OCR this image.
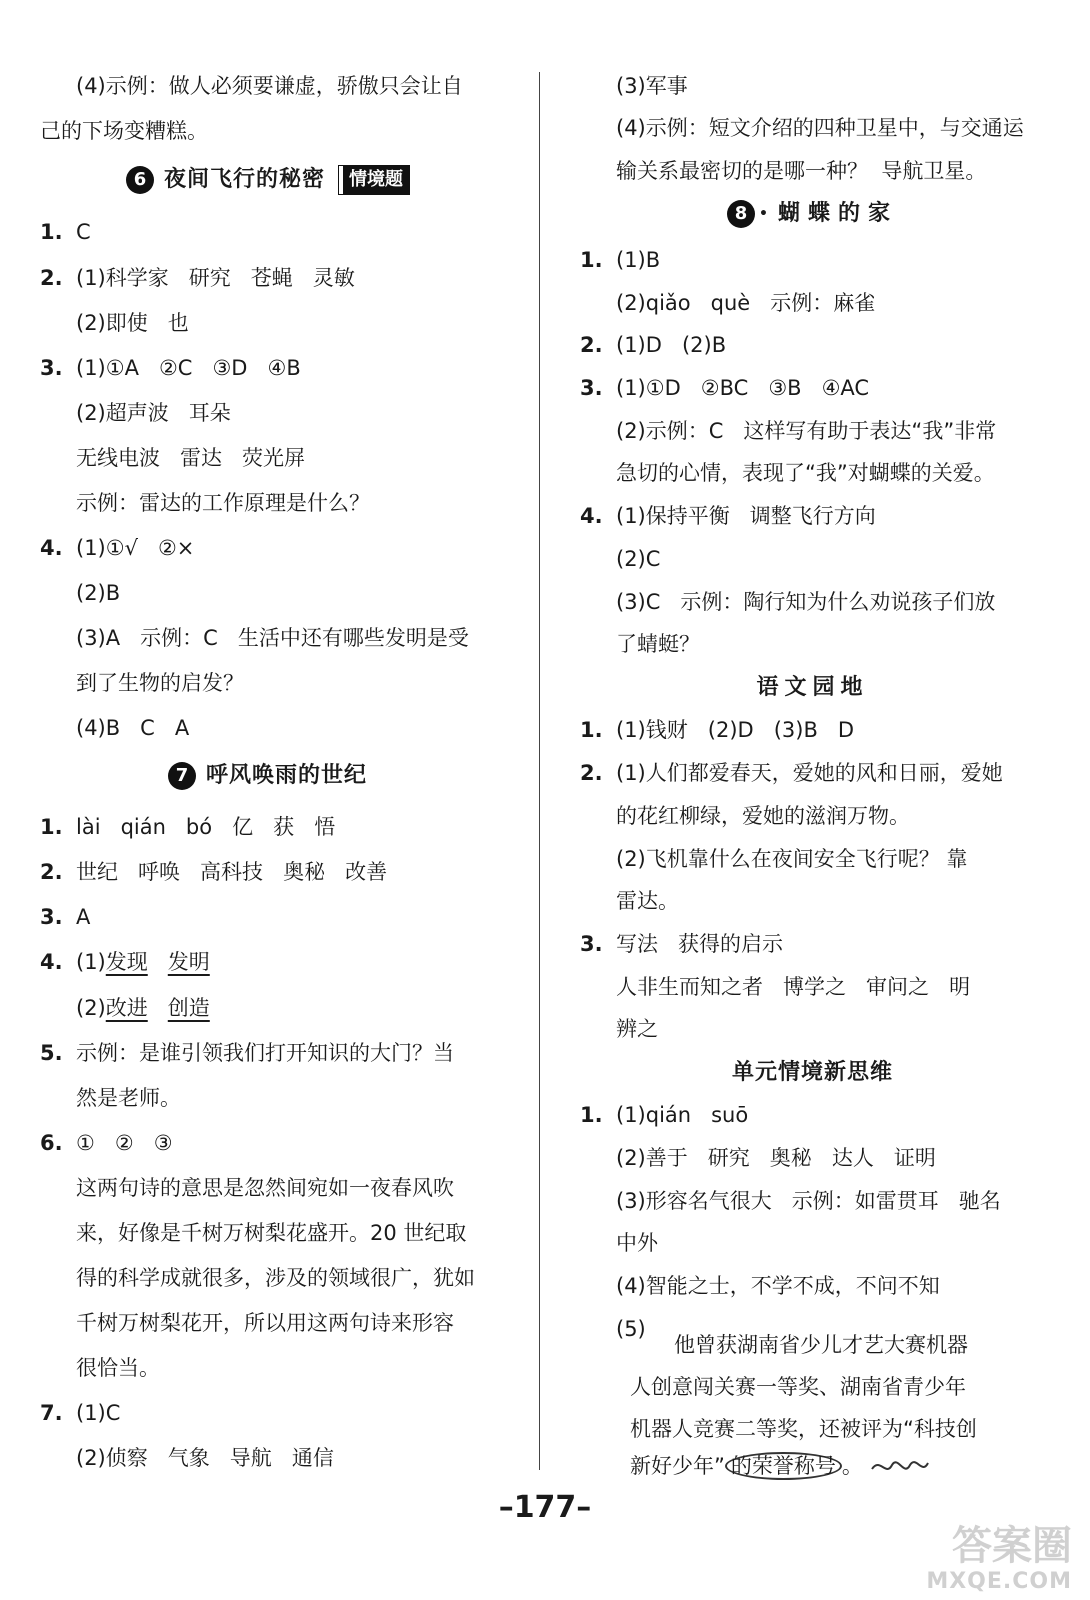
(4)示例：做人必须要谦虚，骄傲只会让自
己的下场变糟糕。
6 夜间飞行的秘密 情境题
1. C
2. (1)科学家   研究   苍蝇   灵敏
(2)即使   也
3. (1)①A   ②C   ③D   ④B
(2)超声波   耳朵
无线电波   雷达   荧光屏
示例：雷达的工作原理是什么？
4. (1)①√   ②×
(2)B
(3)A   示例：C   生活中还有哪些发明是受
到了生物的启发？
(4)B   C   A
7 呼风唤雨的世纪
1. lài   qián   bó   亿   获   悟
2. 世纪   呼唤   高科技   奥秘   改善
3. A
4. (1)发现 发明
(2)改进 创造
5. 示例：是谁引领我们打开知识的大门？当
然是老师。
6. ①   ②   ③
这两句诗的意思是忽然间宛如一夜春风吹
来，好像是千树万树梨花盛开。20 世纪取
得的科学成就很多，涉及的领域很广，犹如
千树万树梨花开，所以用这两句诗来形容
很恰当。
7. (1)C
(2)侦察   气象   导航   通信
(3)军事
(4)示例：短文介绍的四种卫星中，与交通运
输关系最密切的是哪一种？  导航卫星。
8 • 蝴蝶的家
1. (1)B
(2)qiǎo   què   示例：麻雀
2. (1)D   (2)B
3. (1)①D   ②BC   ③B   ④AC
(2)示例：C   这样写有助于表达“我”非常
急切的心情，表现了“我”对蝴蝶的关爱。
4. (1)保持平衡   调整飞行方向
(2)C
(3)C   示例：陶行知为什么劝说孩子们放
了蜻蜓？
语文园地
1. (1)钱财   (2)D   (3)B   D
2. (1)人们都爱春天，爱她的风和日丽，爱她
的花红柳绿，爱她的滋润万物。
(2)飞机靠什么在夜间安全飞行呢？ 靠
雷达。
3. 写法   获得的启示
人非生而知之者   博学之   审问之   明
辨之
单元情境新思维
1. (1)qián   suō
(2)善于   研究   奥秘   达人   证明
(3)形容名气很大   示例：如雷贯耳   驰名
中外
(4)智能之士，不学不成，不问不知
(5)
他曾获湖南省少儿才艺大赛机器
人创意闯关赛一等奖、湖南省青少年
机器人竞赛二等奖，还被评为“科技创
新好少年” 的荣誉称号 。
–177–
答案圈
MXQE.COM
